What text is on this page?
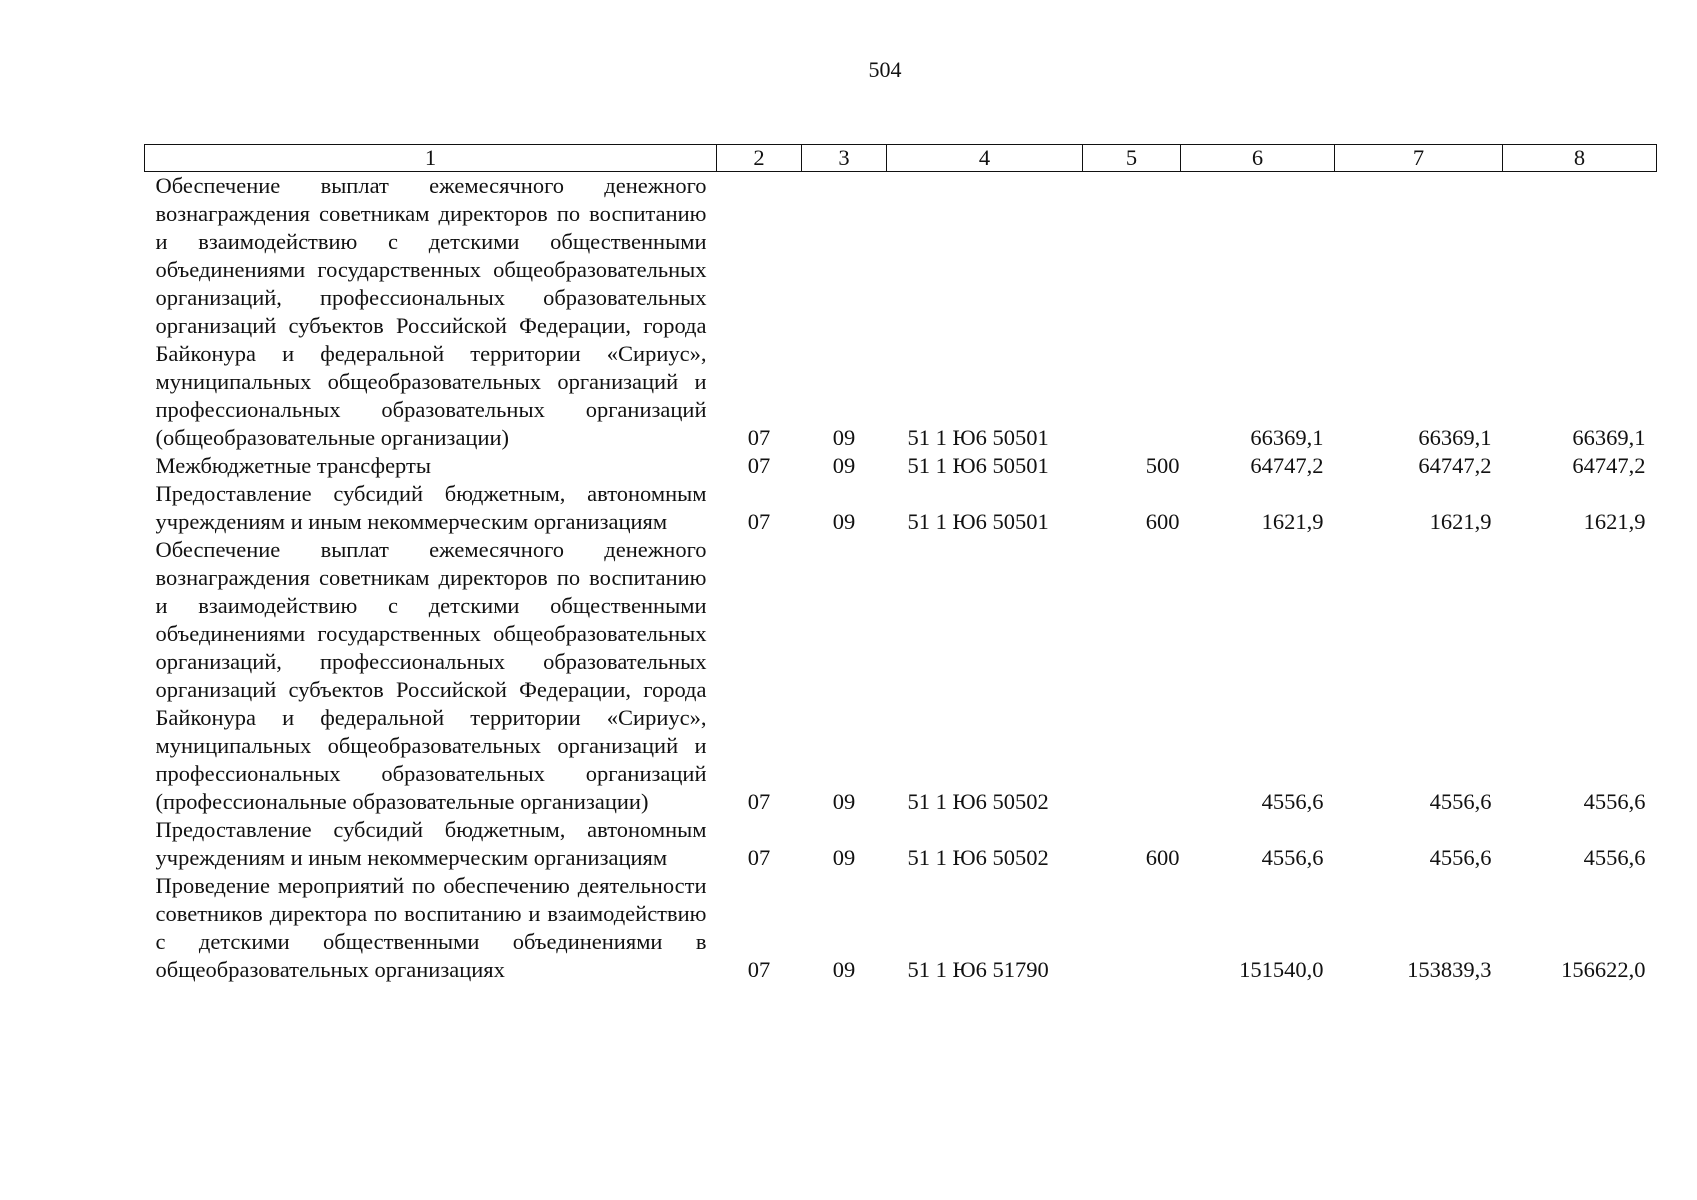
504
1	2	3	4	5	6	7	8
Обеспечение выплат ежемесячного денежного вознаграждения советникам директоров по воспитанию и взаимодействию с детскими общественными объединениями государственных общеобразовательных организаций, профессиональных образовательных организаций субъектов Российской Федерации, города Байконура и федеральной территории «Сириус», муниципальных общеобразовательных организаций и профессиональных образовательных организаций (общеобразовательные организации)	07	09	51 1 Ю6 50501		66369,1	66369,1	66369,1
Межбюджетные трансферты	07	09	51 1 Ю6 50501	500	64747,2	64747,2	64747,2
Предоставление субсидий бюджетным, автономным учреждениям и иным некоммерческим организациям	07	09	51 1 Ю6 50501	600	1621,9	1621,9	1621,9
Обеспечение выплат ежемесячного денежного вознаграждения советникам директоров по воспитанию и взаимодействию с детскими общественными объединениями государственных общеобразовательных организаций, профессиональных образовательных организаций субъектов Российской Федерации, города Байконура и федеральной территории «Сириус», муниципальных общеобразовательных организаций и профессиональных образовательных организаций (профессиональные образовательные организации)	07	09	51 1 Ю6 50502		4556,6	4556,6	4556,6
Предоставление субсидий бюджетным, автономным учреждениям и иным некоммерческим организациям	07	09	51 1 Ю6 50502	600	4556,6	4556,6	4556,6
Проведение мероприятий по обеспечению деятельности советников директора по воспитанию и взаимодействию с детскими общественными объединениями в общеобразовательных организациях	07	09	51 1 Ю6 51790		151540,0	153839,3	156622,0
